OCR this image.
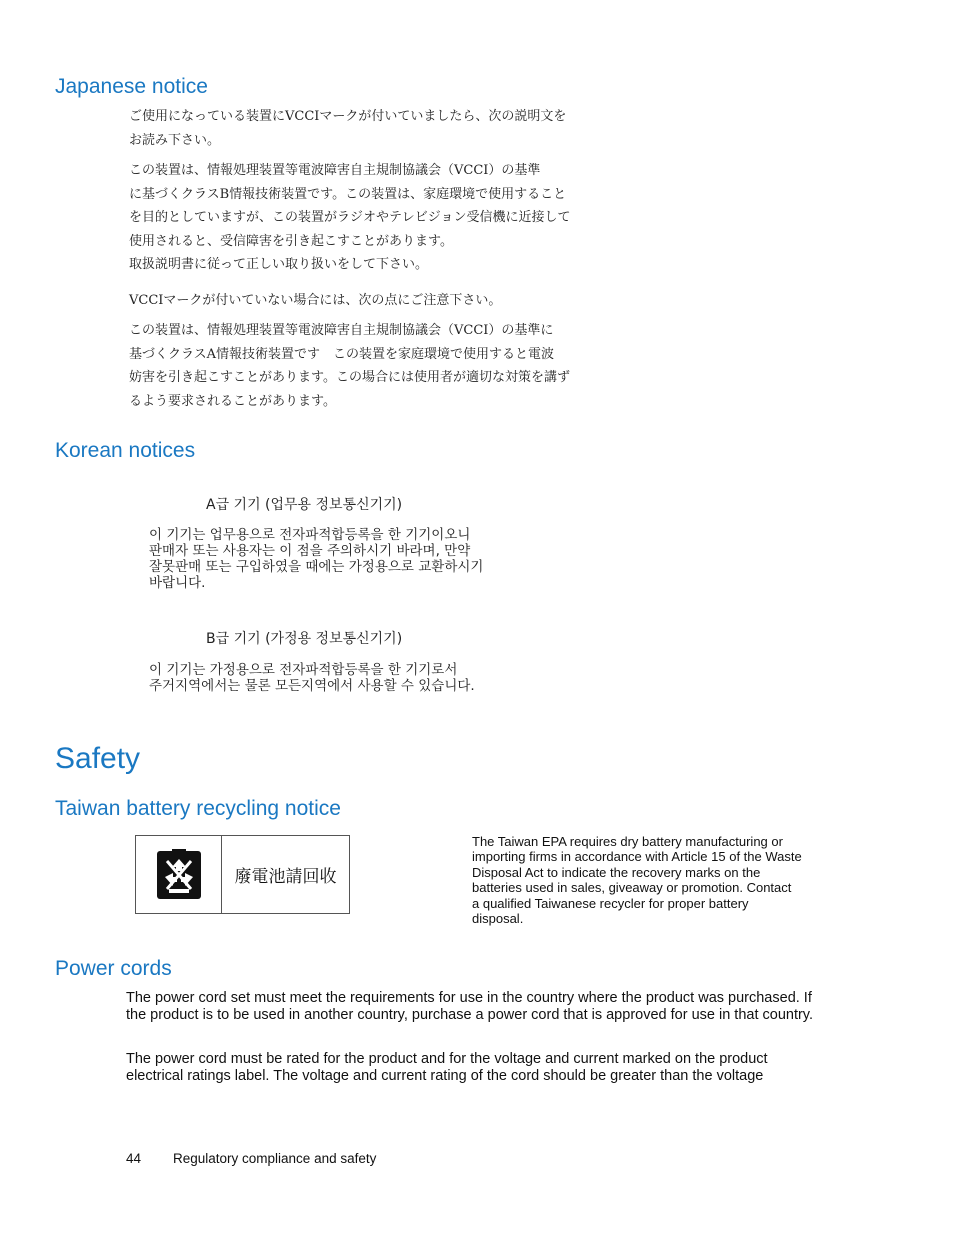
Japanese notice

ご使用になっている装置にVCCIマークが付いていましたら、次の説明文を

お読み下さい。

この装置は、情報処理装置等電波障害自主規制協議会（VCCI）の基準

に基づくクラスB情報技術装置です。この装置は、家庭環境で使用すること

を目的としていますが、この装置がラジオやテレビジョン受信機に近接して

使用されると、受信障害を引き起こすことがあります。

取扱説明書に従って正しい取り扱いをして下さい。

VCCIマークが付いていない場合には、次の点にご注意下さい。

この装置は、情報処理装置等電波障害自主規制協議会（VCCI）の基準に

基づくクラスA情報技術装置です　この装置を家庭環境で使用すると電波

妨害を引き起こすことがあります。この場合には使用者が適切な対策を講ず

るよう要求されることがあります。

Korean notices
A급 기기 (업무용 정보통신기기)

이 기기는 업무용으로 전자파적합등록을 한 기기이오니

판매자 또는 사용자는 이 점을 주의하시기 바라며, 만약

잘못판매 또는 구입하였을 때에는 가정용으로 교환하시기

바랍니다.

B급 기기 (가정용 정보통신기기)

이 기기는 가정용으로 전자파적합등록을 한 기기로서

주거지역에서는 물론 모든지역에서 사용할 수 있습니다.

Safety
Taiwan battery recycling notice
廢電池請回收

The Taiwan EPA requires dry battery manufacturing or importing firms in accordance with Article 15 of the Waste Disposal Act to indicate the recovery marks on the batteries used in sales, giveaway or promotion. Contact a qualified Taiwanese recycler for proper battery disposal.

Power cords

The power cord set must meet the requirements for use in the country where the product was purchased. If the product is to be used in another country, purchase a power cord that is approved for use in that country.

The power cord must be rated for the product and for the voltage and current marked on the product electrical ratings label. The voltage and current rating of the cord should be greater than the voltage

44 Regulatory compliance and safety
